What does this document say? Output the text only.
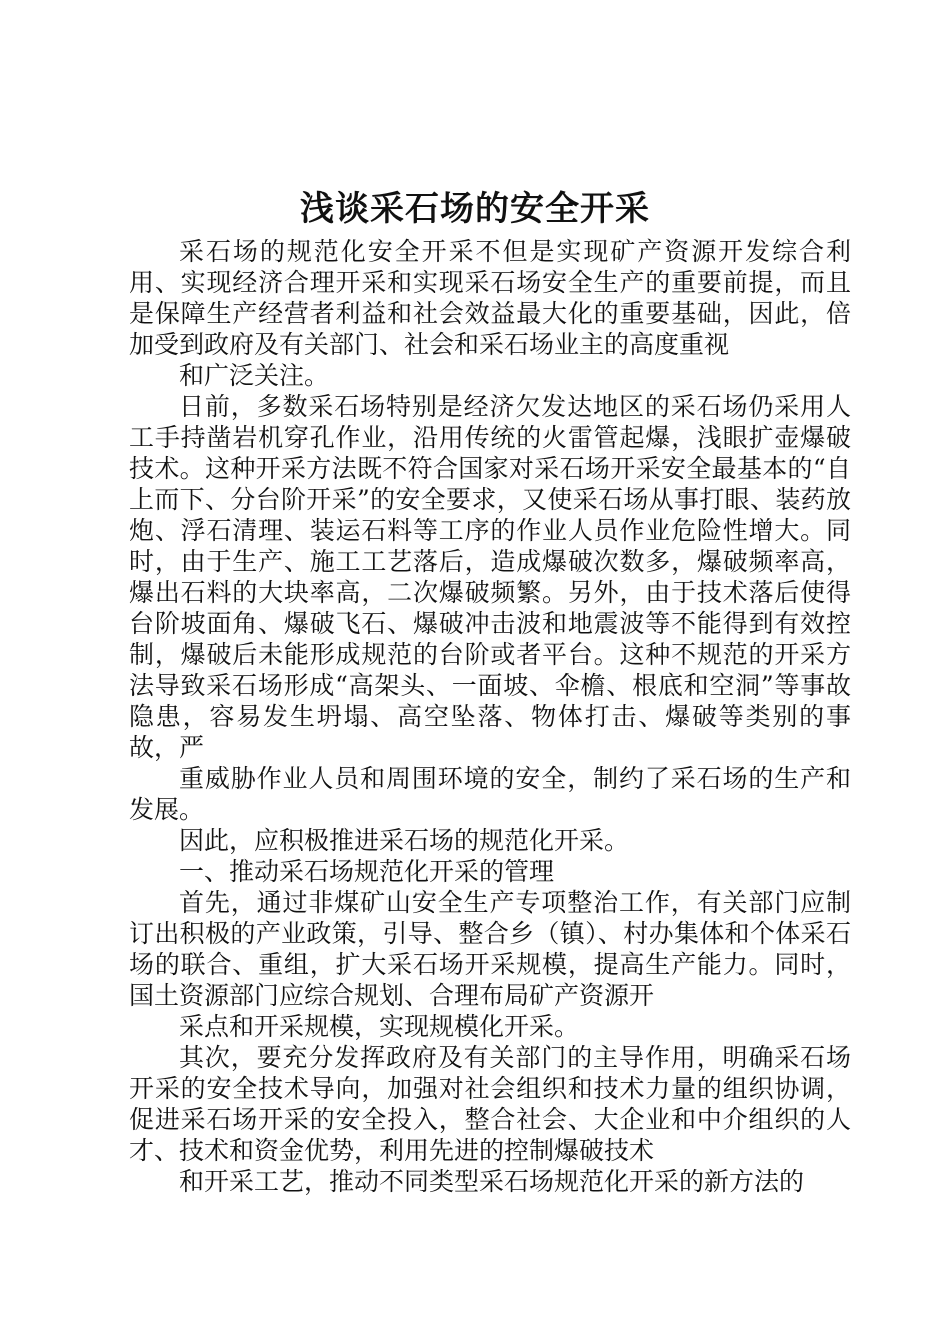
浅谈采石场的安全开采

采石场的规范化安全开采不但是实现矿产资源开发综合利用、实现经济合理开采和实现采石场安全生产的重要前提，而且是保障生产经营者利益和社会效益最大化的重要基础，因此，倍加受到政府及有关部门、社会和采石场业主的高度重视

和广泛关注。

日前，多数采石场特别是经济欠发达地区的采石场仍采用人工手持凿岩机穿孔作业，沿用传统的火雷管起爆，浅眼扩壶爆破技术。这种开采方法既不符合国家对采石场开采安全最基本的“自上而下、分台阶开采”的安全要求，又使采石场从事打眼、装药放炮、浮石清理、装运石料等工序的作业人员作业危险性增大。同时，由于生产、施工工艺落后，造成爆破次数多，爆破频率高，爆出石料的大块率高，二次爆破频繁。另外，由于技术落后使得台阶坡面角、爆破飞石、爆破冲击波和地震波等不能得到有效控制，爆破后未能形成规范的台阶或者平台。这种不规范的开采方法导致采石场形成“高架头、一面坡、伞檐、根底和空洞”等事故隐患，容易发生坍塌、高空坠落、物体打击、爆破等类别的事故，严

重威胁作业人员和周围环境的安全，制约了采石场的生产和发展。

因此，应积极推进采石场的规范化开采。

一、推动采石场规范化开采的管理

首先，通过非煤矿山安全生产专项整治工作，有关部门应制订出积极的产业政策，引导、整合乡（镇）、村办集体和个体采石场的联合、重组，扩大采石场开采规模，提高生产能力。同时，国土资源部门应综合规划、合理布局矿产资源开

采点和开采规模，实现规模化开采。

其次，要充分发挥政府及有关部门的主导作用，明确采石场开采的安全技术导向，加强对社会组织和技术力量的组织协调，促进采石场开采的安全投入，整合社会、大企业和中介组织的人才、技术和资金优势，利用先进的控制爆破技术

和开采工艺，推动不同类型采石场规范化开采的新方法的
